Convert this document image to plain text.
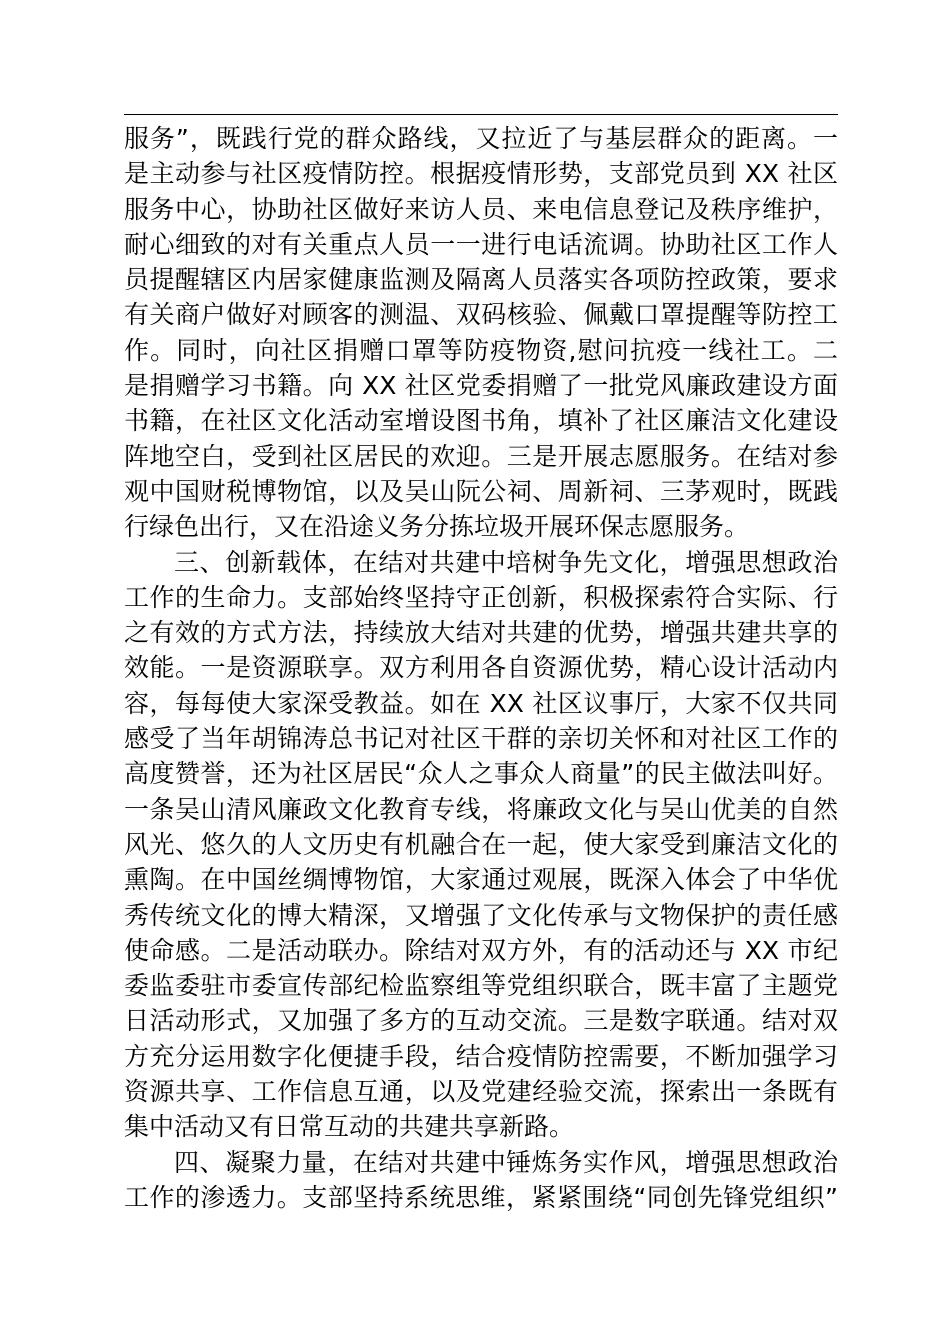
服务”，既践行党的群众路线，又拉近了与基层群众的距离。一
是主动参与社区疫情防控。根据疫情形势，支部党员到 XX 社区
服务中心，协助社区做好来访人员、来电信息登记及秩序维护，
耐心细致的对有关重点人员一一进行电话流调。协助社区工作人
员提醒辖区内居家健康监测及隔离人员落实各项防控政策，要求
有关商户做好对顾客的测温、双码核验、佩戴口罩提醒等防控工
作。同时，向社区捐赠口罩等防疫物资,慰问抗疫一线社工。二
是捐赠学习书籍。向 XX 社区党委捐赠了一批党风廉政建设方面
书籍，在社区文化活动室增设图书角，填补了社区廉洁文化建设
阵地空白，受到社区居民的欢迎。三是开展志愿服务。在结对参
观中国财税博物馆，以及吴山阮公祠、周新祠、三茅观时，既践
行绿色出行，又在沿途义务分拣垃圾开展环保志愿服务。
三、创新载体，在结对共建中培树争先文化，增强思想政治
工作的生命力。支部始终坚持守正创新，积极探索符合实际、行
之有效的方式方法，持续放大结对共建的优势，增强共建共享的
效能。一是资源联享。双方利用各自资源优势，精心设计活动内
容，每每使大家深受教益。如在 XX 社区议事厅，大家不仅共同
感受了当年胡锦涛总书记对社区干群的亲切关怀和对社区工作的
高度赞誉，还为社区居民“众人之事众人商量”的民主做法叫好。
一条吴山清风廉政文化教育专线，将廉政文化与吴山优美的自然
风光、悠久的人文历史有机融合在一起，使大家受到廉洁文化的
熏陶。在中国丝绸博物馆，大家通过观展，既深入体会了中华优
秀传统文化的博大精深，又增强了文化传承与文物保护的责任感
使命感。二是活动联办。除结对双方外，有的活动还与 XX 市纪
委监委驻市委宣传部纪检监察组等党组织联合，既丰富了主题党
日活动形式，又加强了多方的互动交流。三是数字联通。结对双
方充分运用数字化便捷手段，结合疫情防控需要，不断加强学习
资源共享、工作信息互通，以及党建经验交流，探索出一条既有
集中活动又有日常互动的共建共享新路。
四、凝聚力量，在结对共建中锤炼务实作风，增强思想政治
工作的渗透力。支部坚持系统思维，紧紧围绕“同创先锋党组织”
